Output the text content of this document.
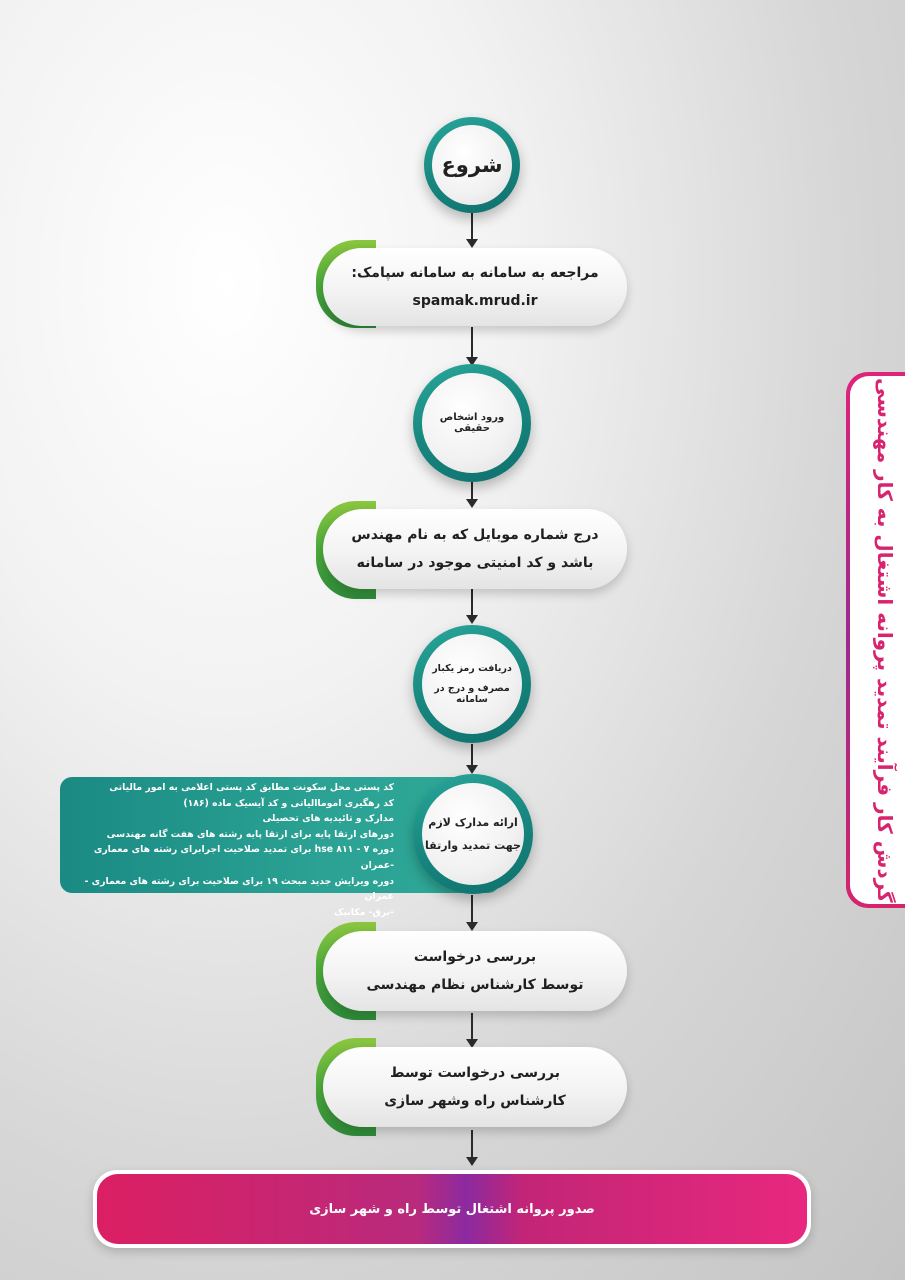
گردش کار فرآیند تمدید پروانه اشتغال به کار مهندسی
شروع
مراجعه به سامانه به سامانه سپامک:
spamak.mrud.ir
ورود اشخاص حقیقی
درج شماره موبایل که به نام مهندس
باشد و کد امنیتی موجود در سامانه
دریافت رمز یکبار
مصرف و درج در سامانه
کد پستی محل سکونت مطابق کد پستی اعلامی به امور مالیاتی
کد رهگیری اموماالیاتی و کد آیسیک ماده (۱۸۶)
مدارک و تائیدیه های تحصیلی
دورهای ارتقا پایه برای ارتقا پایه رشته های هفت گانه مهندسی
دوره ۷ - hse ۸۱۱ برای تمدید صلاحیت اجرابرای رشته های معماری -عمران
دوره ویرایش جدید مبحث ۱۹ برای صلاحیت برای رشته های معماری - عمران
-برق- مکانیک
ارائه مدارک لازم
جهت تمدید وارتقا
بررسی درخواست
توسط کارشناس نظام مهندسی
بررسی درخواست توسط
کارشناس راه وشهر سازی
صدور پروانه اشتغال توسط راه و شهر سازی
